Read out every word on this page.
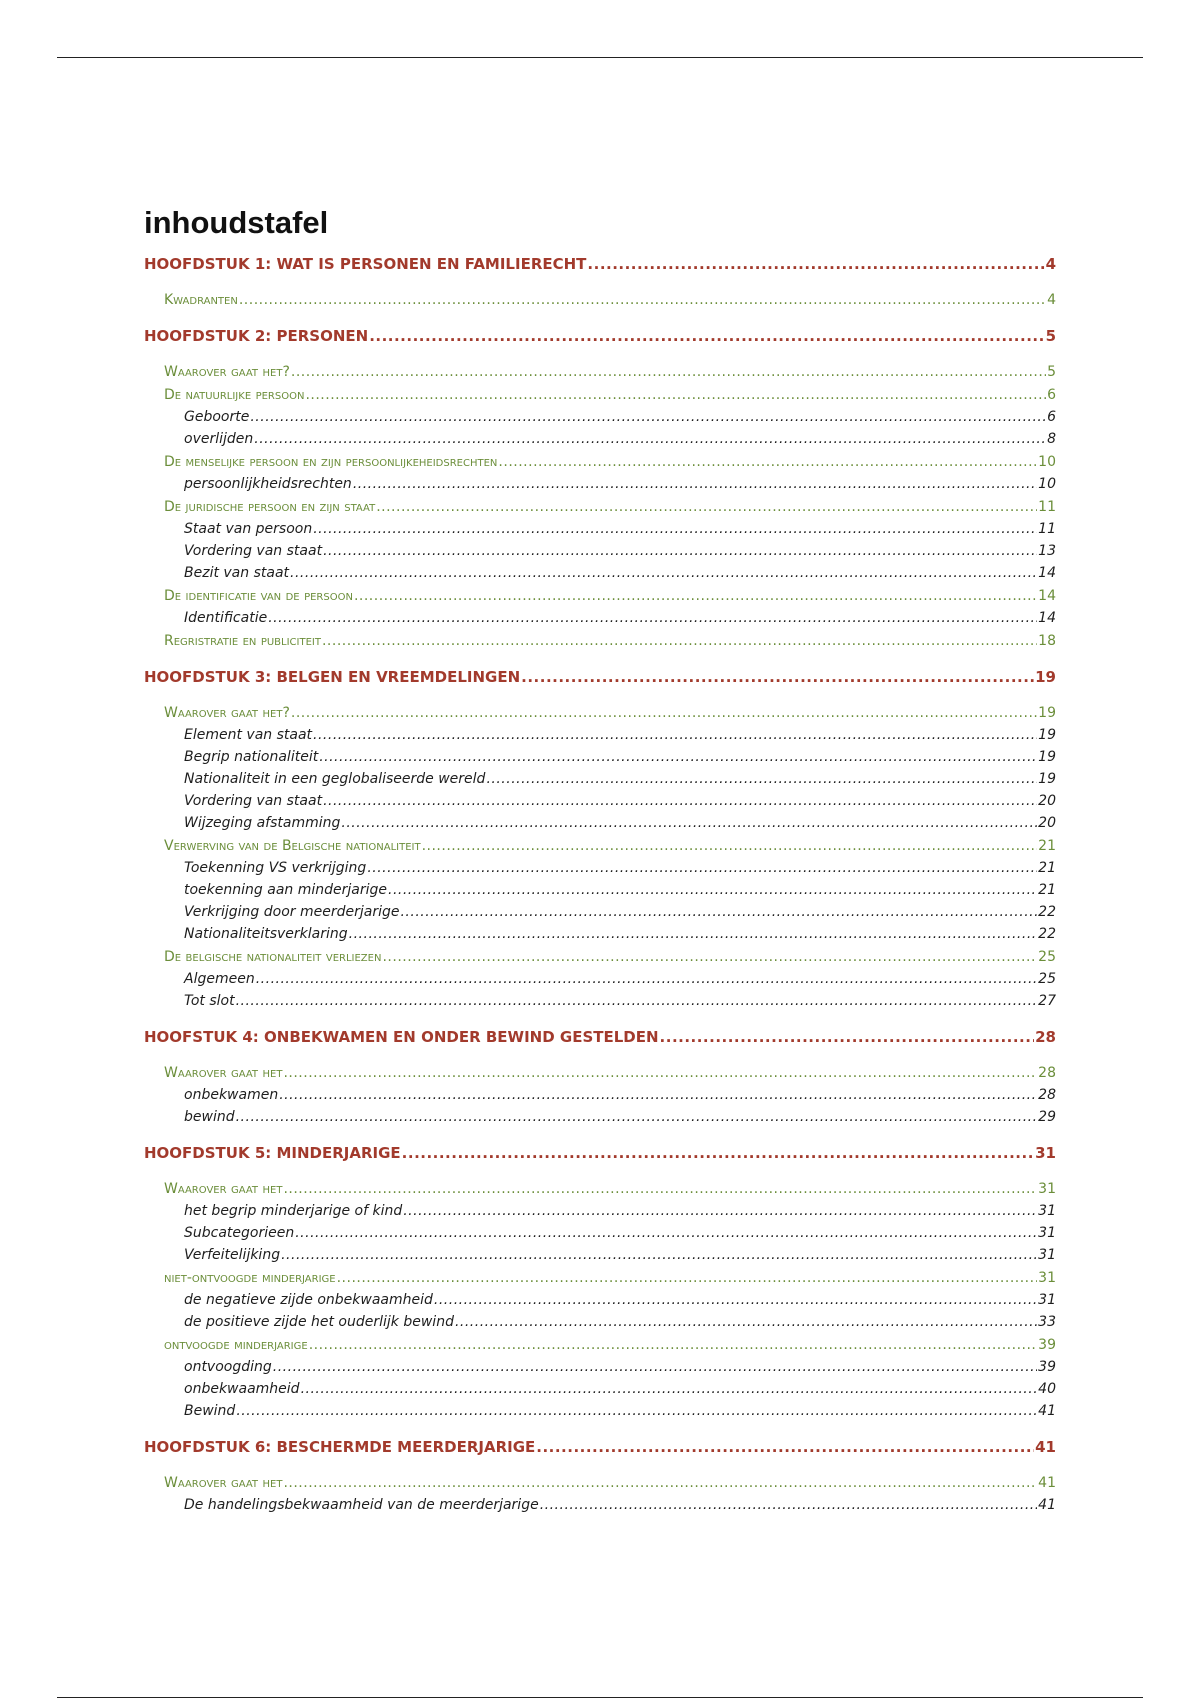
inhoudstafel
HOOFDSTUK 1: WAT IS PERSONEN EN FAMILIERECHT .....	4
Kwadranten .....	4
HOOFDSTUK 2: PERSONEN .....	5
Waarover gaat het? .....	5
De natuurlijke persoon .....	6
Geboorte .....	6
overlijden .....	8
De menselijke persoon en zijn persoonlijkeheidsrechten .....	10
persoonlijkheidsrechten .....	10
De juridische persoon en zijn staat .....	11
Staat van persoon .....	11
Vordering van staat .....	13
Bezit van staat .....	14
De identificatie van de persoon .....	14
Identificatie .....	14
Regristratie en publiciteit .....	18
HOOFDSTUK 3: BELGEN EN VREEMDELINGEN .....	19
Waarover gaat het? .....	19
Element van staat .....	19
Begrip nationaliteit .....	19
Nationaliteit in een geglobaliseerde wereld .....	19
Vordering van staat .....	20
Wijzeging afstamming .....	20
Verwerving van de Belgische nationaliteit .....	21
Toekenning VS verkrijging .....	21
toekenning aan minderjarige .....	21
Verkrijging door meerderjarige .....	22
Nationaliteitsverklaring .....	22
De belgische nationaliteit verliezen .....	25
Algemeen .....	25
Tot slot .....	27
HOOFSTUK 4: ONBEKWAMEN EN ONDER BEWIND GESTELDEN .....	28
Waarover gaat het .....	28
onbekwamen .....	28
bewind .....	29
HOOFDSTUK 5: MINDERJARIGE .....	31
Waarover gaat het .....	31
het begrip minderjarige of kind .....	31
Subcategorieen .....	31
Verfeitelijking .....	31
niet-ontvoogde minderjarige .....	31
de negatieve zijde onbekwaamheid .....	31
de positieve zijde het ouderlijk bewind .....	33
ontvoogde minderjarige .....	39
ontvoogding .....	39
onbekwaamheid .....	40
Bewind .....	41
HOOFDSTUK 6: BESCHERMDE MEERDERJARIGE .....	41
Waarover gaat het .....	41
De handelingsbekwaamheid van de meerderjarige .....	41
